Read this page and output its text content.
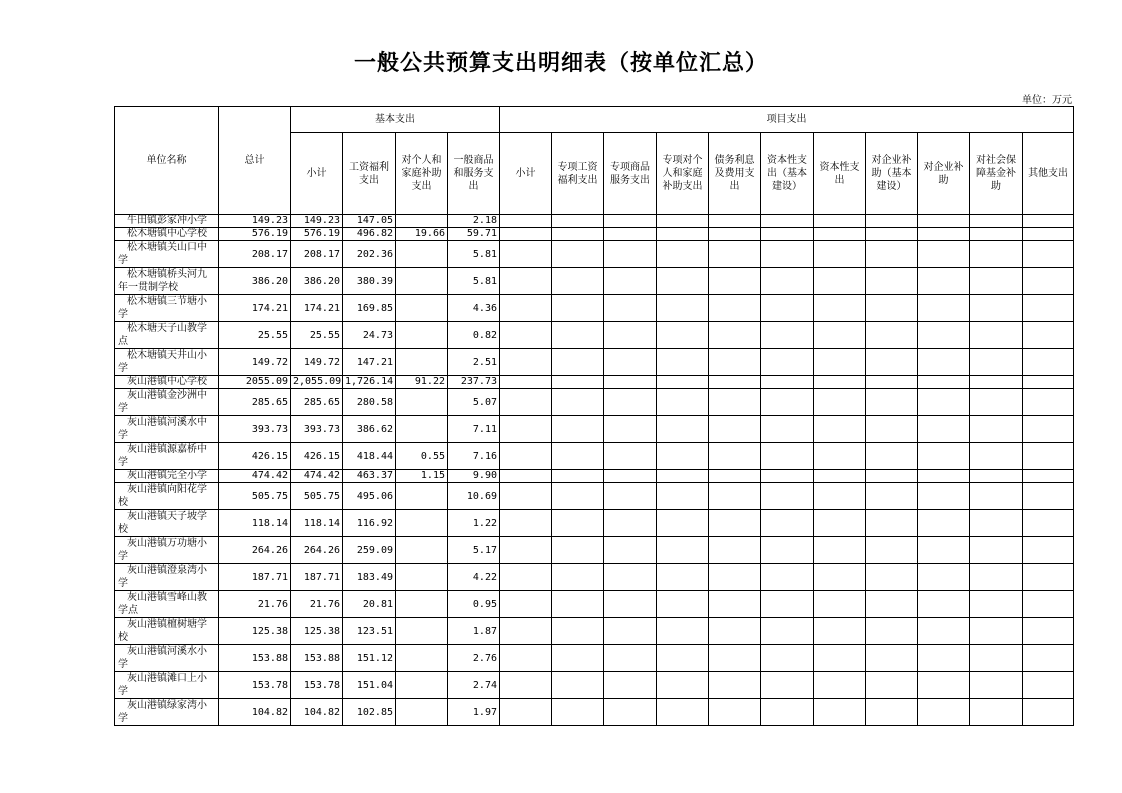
一般公共预算支出明细表（按单位汇总）
单位：万元
单位名称	总计	基本支出				项目支出										
		小计	工资福利支出	对个人和家庭补助支出	一般商品和服务支出	小计	专项工资福利支出	专项商品服务支出	专项对个人和家庭补助支出	债务利息及费用支出	资本性支出（基本建设）	资本性支出	对企业补助（基本建设）	对企业补助	对社会保障基金补助	其他支出
牛田镇彭家冲小学	149.23	149.23	147.05		2.18											
松木塘镇中心学校	576.19	576.19	496.82	19.66	59.71											
松木塘镇关山口中学	208.17	208.17	202.36		5.81											
松木塘镇桥头河九年一贯制学校	386.20	386.20	380.39		5.81											
松木塘镇三节塘小学	174.21	174.21	169.85		4.36											
松木塘天子山教学点	25.55	25.55	24.73		0.82											
松木塘镇天井山小学	149.72	149.72	147.21		2.51											
灰山港镇中心学校	2055.09	2,055.09	1,726.14	91.22	237.73											
灰山港镇金沙洲中学	285.65	285.65	280.58		5.07											
灰山港镇河溪水中学	393.73	393.73	386.62		7.11											
灰山港镇源嘉桥中学	426.15	426.15	418.44	0.55	7.16											
灰山港镇完全小学	474.42	474.42	463.37	1.15	9.90											
灰山港镇向阳花学校	505.75	505.75	495.06		10.69											
灰山港镇天子坡学校	118.14	118.14	116.92		1.22											
灰山港镇万功塘小学	264.26	264.26	259.09		5.17											
灰山港镇澄泉湾小学	187.71	187.71	183.49		4.22											
灰山港镇雪峰山教学点	21.76	21.76	20.81		0.95											
灰山港镇檀树塘学校	125.38	125.38	123.51		1.87											
灰山港镇河溪水小学	153.88	153.88	151.12		2.76											
灰山港镇滩口上小学	153.78	153.78	151.04		2.74											
灰山港镇绿家湾小学	104.82	104.82	102.85		1.97											
